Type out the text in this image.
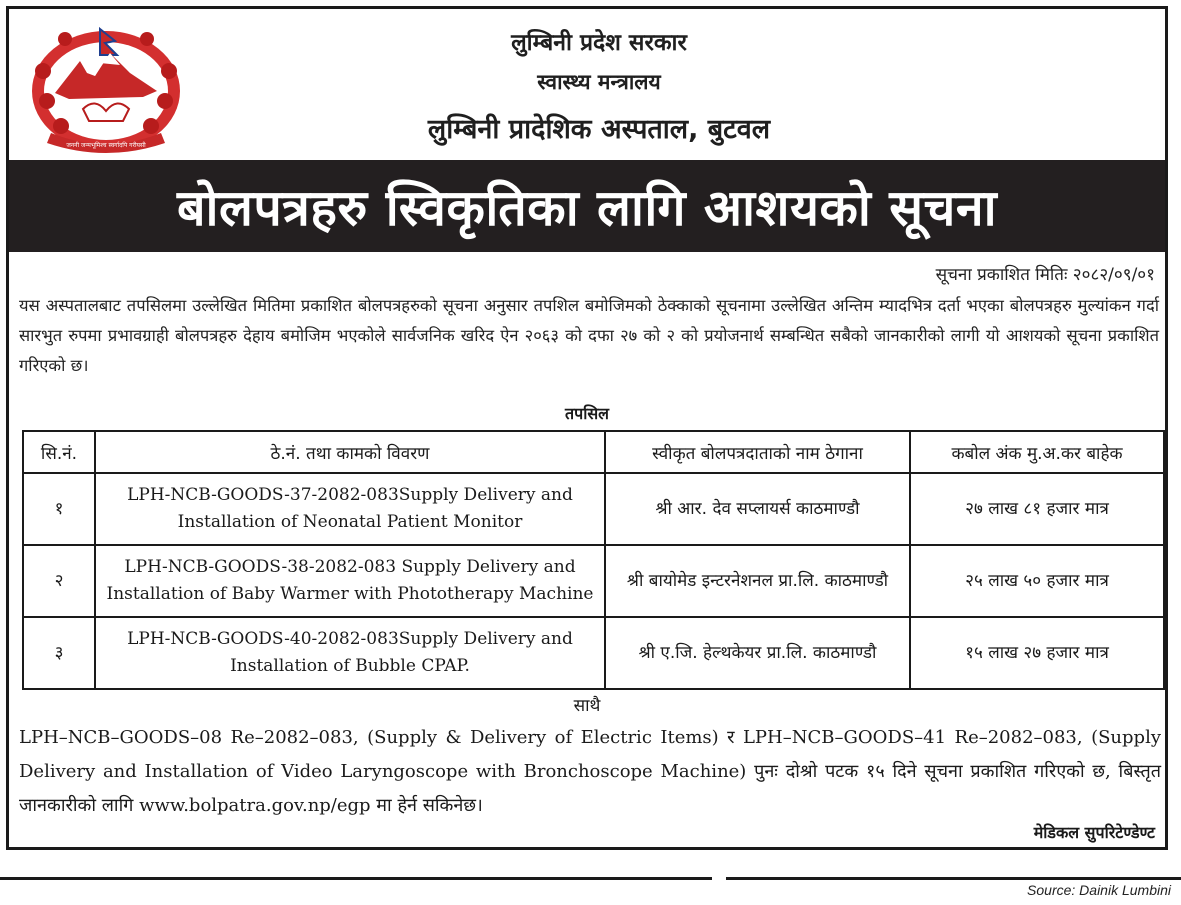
जननी जन्मभूमिश्च स्वर्गादपि गरीयसी
लुम्बिनी प्रदेश सरकार
स्वास्थ्य मन्त्रालय
लुम्बिनी प्रादेशिक अस्पताल, बुटवल
बोलपत्रहरु स्विकृतिका लागि आशयको सूचना
सूचना प्रकाशित मितिः २०८२/०९/०१
यस अस्पतालबाट तपसिलमा उल्लेखित मितिमा प्रकाशित बोलपत्रहरुको सूचना अनुसार तपशिल बमोजिमको ठेक्काको सूचनामा उल्लेखित अन्तिम म्यादभित्र दर्ता भएका बोलपत्रहरु मुल्यांकन गर्दा सारभुत रुपमा प्रभावग्राही बोलपत्रहरु देहाय बमोजिम भएकोले सार्वजनिक खरिद ऐन २०६३ को दफा २७ को २ को प्रयोजनार्थ सम्बन्धित सबैको जानकारीको लागी यो आशयको सूचना प्रकाशित गरिएको छ।
तपसिल
सि.नं.	ठे.नं. तथा कामको विवरण	स्वीकृत बोलपत्रदाताको नाम ठेगाना	कबोल अंक मु.अ.कर बाहेक
१	LPH-NCB-GOODS-37-2082-083Supply Delivery and Installation of Neonatal Patient Monitor	श्री आर. देव सप्लायर्स काठमाण्डौ	२७ लाख ८१ हजार मात्र
२	LPH-NCB-GOODS-38-2082-083 Supply Delivery and Installation of Baby Warmer with Phototherapy Machine	श्री बायोमेड इन्टरनेशनल प्रा.लि. काठमाण्डौ	२५ लाख ५० हजार मात्र
३	LPH-NCB-GOODS-40-2082-083Supply Delivery and Installation of Bubble CPAP.	श्री ए.जि. हेल्थकेयर प्रा.लि. काठमाण्डौ	१५ लाख २७ हजार मात्र
साथै
LPH–NCB–GOODS–08 Re–2082–083, (Supply & Delivery of Electric Items) र LPH–NCB–GOODS–41 Re–2082–083, (Supply Delivery and Installation of Video Laryngoscope with Bronchoscope Machine) पुनः दोश्रो पटक १५ दिने सूचना प्रकाशित गरिएको छ, बिस्तृत जानकारीको लागि www.bolpatra.gov.np/egp मा हेर्न सकिनेछ।
मेडिकल सुपरिटेण्डेण्ट
Source: Dainik Lumbini
